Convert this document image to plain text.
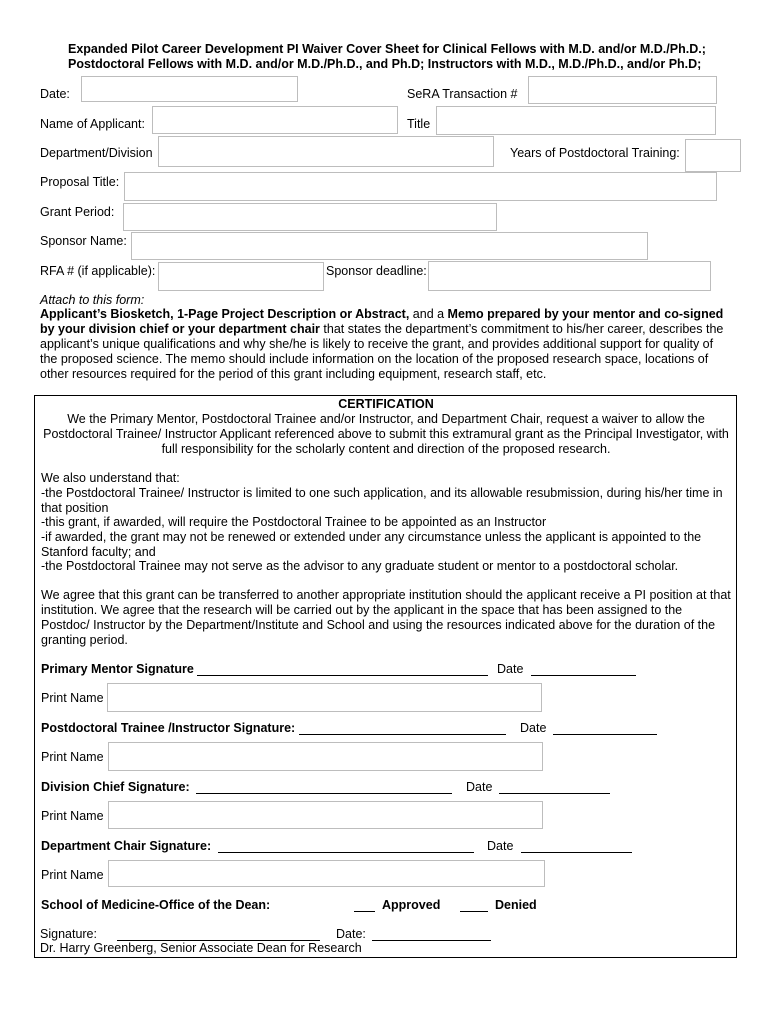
Expanded Pilot Career Development PI Waiver Cover Sheet for Clinical Fellows with M.D. and/or M.D./Ph.D.;
Postdoctoral Fellows with M.D. and/or M.D./Ph.D., and Ph.D; Instructors with M.D., M.D./Ph.D., and/or Ph.D;
Date:	SeRA Transaction #
Name of Applicant:	Title
Department/Division	Years of Postdoctoral Training:
Proposal Title:
Grant Period:
Sponsor Name:
RFA # (if applicable):	Sponsor deadline:
Attach to this form:
Applicant’s Biosketch, 1-Page Project Description or Abstract, and a Memo prepared by your mentor and co-signed by your division chief or your department chair that states the department’s commitment to his/her career, describes the applicant’s unique qualifications and why she/he is likely to receive the grant, and provides additional support for quality of the proposed science. The memo should include information on the location of the proposed research space, locations of other resources required for the period of this grant including equipment, research staff, etc.
CERTIFICATION
We the Primary Mentor, Postdoctoral Trainee and/or Instructor, and Department Chair, request a waiver to allow the Postdoctoral Trainee/ Instructor Applicant referenced above to submit this extramural grant as the Principal Investigator, with full responsibility for the scholarly content and direction of the proposed research.
We also understand that:
-the Postdoctoral Trainee/ Instructor is limited to one such application, and its allowable resubmission, during his/her time in that position
-this grant, if awarded, will require the Postdoctoral Trainee to be appointed as an Instructor
-if awarded, the grant may not be renewed or extended under any circumstance unless the applicant is appointed to the Stanford faculty; and
-the Postdoctoral Trainee may not serve as the advisor to any graduate student or mentor to a postdoctoral scholar.
We agree that this grant can be transferred to another appropriate institution should the applicant receive a PI position at that institution. We agree that the research will be carried out by the applicant in the space that has been assigned to the Postdoc/ Instructor by the Department/Institute and School and using the resources indicated above for the duration of the granting period.
Primary Mentor Signature	Date
Print Name
Postdoctoral Trainee /Instructor Signature:	Date
Print Name
Division Chief Signature:	Date
Print Name
Department Chair Signature:	Date
Print Name
School of Medicine-Office of the Dean:	Approved	Denied
Signature:	Date:
Dr. Harry Greenberg, Senior Associate Dean for Research
